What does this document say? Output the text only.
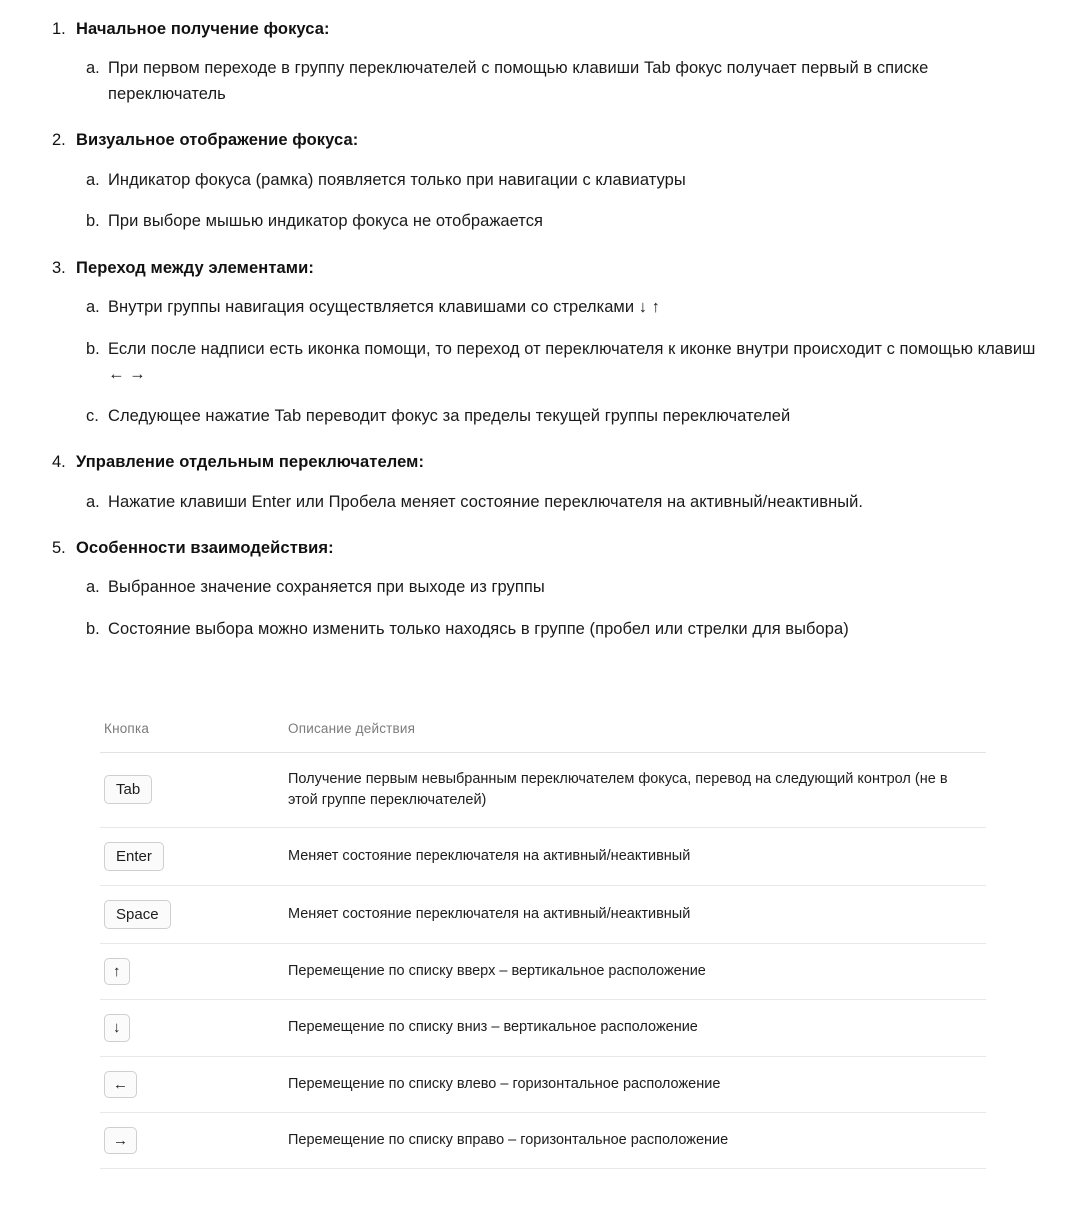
1. Начальное получение фокуса:
a. При первом переходе в группу переключателей с помощью клавиши Tab фокус получает первый в списке переключатель
2. Визуальное отображение фокуса:
a. Индикатор фокуса (рамка) появляется только при навигации с клавиатуры
b. При выборе мышью индикатор фокуса не отображается
3. Переход между элементами:
a. Внутри группы навигация осуществляется клавишами со стрелками ↓ ↑
b. Если после надписи есть иконка помощи, то переход от переключателя к иконке внутри происходит с помощью клавиш ← →
c. Следующее нажатие Tab переводит фокус за пределы текущей группы переключателей
4. Управление отдельным переключателем:
a. Нажатие клавиши Enter или Пробела меняет состояние переключателя на активный/неактивный.
5. Особенности взаимодействия:
a. Выбранное значение сохраняется при выходе из группы
b. Состояние выбора можно изменить только находясь в группе (пробел или стрелки для выбора)
Кнопка	Описание действия
Tab	Получение первым невыбранным переключателем фокуса, перевод на следующий контрол (не в этой группе переключателей)
Enter	Меняет состояние переключателя на активный/неактивный
Space	Меняет состояние переключателя на активный/неактивный
↑	Перемещение по списку вверх – вертикальное расположение
↓	Перемещение по списку вниз – вертикальное расположение
←	Перемещение по списку влево – горизонтальное расположение
→	Перемещение по списку вправо – горизонтальное расположение
